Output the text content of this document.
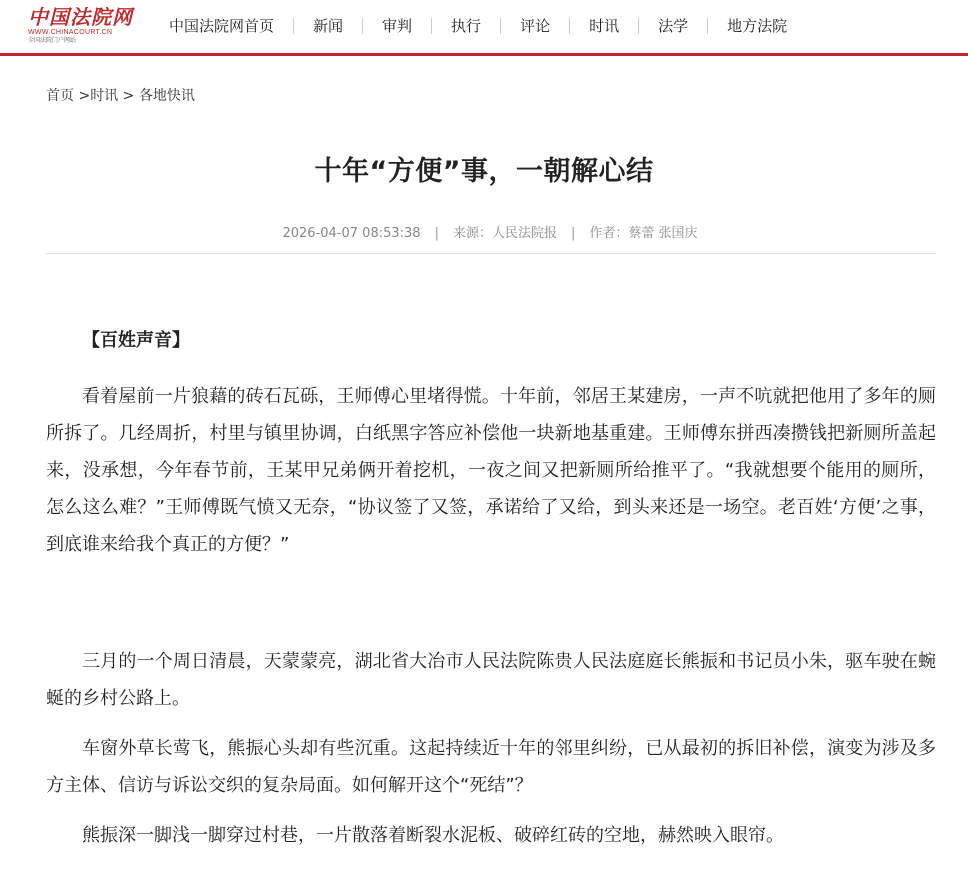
中国法院网
WWW.CHINACOURT.CN
全国法院门户网站
中国法院网首页	新闻	审判	执行	评论	时讯	法学	地方法院
首页 >时讯 > 各地快讯
十年“方便”事，一朝解心结
2026-04-07 08:53:38 | 来源：人民法院报 | 作者：蔡蕾 张国庆

【百姓声音】

看着屋前一片狼藉的砖石瓦砾，王师傅心里堵得慌。十年前，邻居王某建房，一声不吭就把他用了多年的厕所拆了。几经周折，村里与镇里协调，白纸黑字答应补偿他一块新地基重建。王师傅东拼西凑攒钱把新厕所盖起来，没承想，今年春节前，王某甲兄弟俩开着挖机，一夜之间又把新厕所给推平了。“我就想要个能用的厕所，怎么这么难？”王师傅既气愤又无奈，“协议签了又签，承诺给了又给，到头来还是一场空。老百姓‘方便’之事，到底谁来给我个真正的方便？”

三月的一个周日清晨，天蒙蒙亮，湖北省大冶市人民法院陈贵人民法庭庭长熊振和书记员小朱，驱车驶在蜿蜒的乡村公路上。

车窗外草长莺飞，熊振心头却有些沉重。这起持续近十年的邻里纠纷，已从最初的拆旧补偿，演变为涉及多方主体、信访与诉讼交织的复杂局面。如何解开这个“死结”？

熊振深一脚浅一脚穿过村巷，一片散落着断裂水泥板、破碎红砖的空地，赫然映入眼帘。
